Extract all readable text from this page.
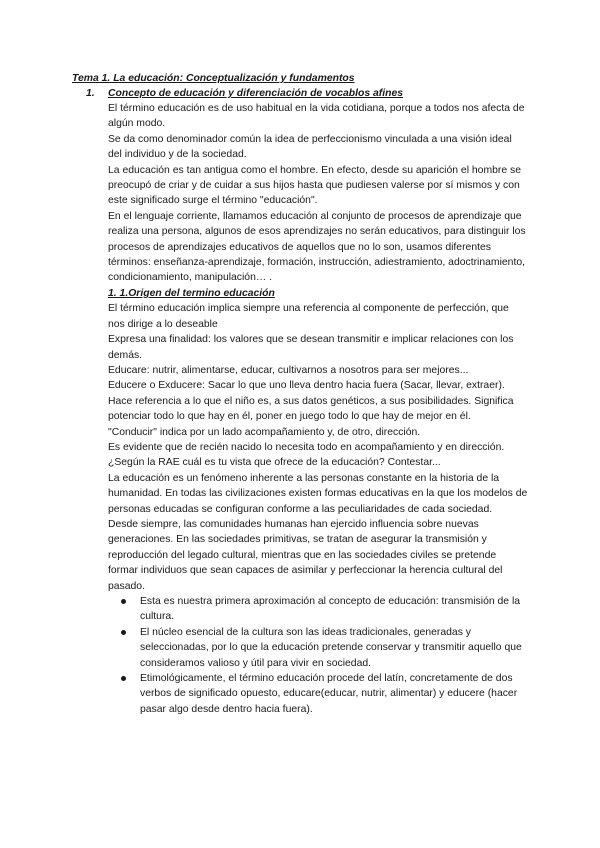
Tema 1. La educación: Conceptualización y fundamentos
1. Concepto de educación y diferenciación de vocablos afines

El término educación es de uso habitual en la vida cotidiana, porque a todos nos afecta de algún modo.

Se da como denominador común la idea de perfeccionismo vinculada a una visión ideal del individuo y de la sociedad.

La educación es tan antigua como el hombre. En efecto, desde su aparición el hombre se preocupó de criar y de cuidar a sus hijos hasta que pudiesen valerse por sí mismos y con este significado surge el término "educación".

En el lenguaje corriente, llamamos educación al conjunto de procesos de aprendizaje que realiza una persona, algunos de esos aprendizajes no serán educativos, para distinguir los procesos de aprendizajes educativos de aquellos que no lo son, usamos diferentes términos: enseñanza-aprendizaje, formación, instrucción, adiestramiento, adoctrinamiento, condicionamiento, manipulación… .

1. 1.Origen del termino educación

El término educación implica siempre una referencia al componente de perfección, que nos dirige a lo deseable

Expresa una finalidad: los valores que se desean transmitir e implicar relaciones con los demás.

Educare: nutrir, alimentarse, educar, cultivarnos a nosotros para ser mejores...

Educere o Exducere: Sacar lo que uno lleva dentro hacia fuera (Sacar, llevar, extraer).

Hace referencia a lo que el niño es, a sus datos genéticos, a sus posibilidades. Significa potenciar todo lo que hay en él, poner en juego todo lo que hay de mejor en él.

"Conducir" indica por un lado acompañamiento y, de otro, dirección.

Es evidente que de recién nacido lo necesita todo en acompañamiento y en dirección.

¿Según la RAE cuál es tu vista que ofrece de la educación? Contestar...

La educación es un fenómeno inherente a las personas constante en la historia de la humanidad. En todas las civilizaciones existen formas educativas en la que los modelos de personas educadas se configuran conforme a las peculiaridades de cada sociedad.

Desde siempre, las comunidades humanas han ejercido influencia sobre nuevas generaciones. En las sociedades primitivas, se tratan de asegurar la transmisión y reproducción del legado cultural, mientras que en las sociedades civiles se pretende formar individuos que sean capaces de asimilar y perfeccionar la herencia cultural del pasado.

Esta es nuestra primera aproximación al concepto de educación: transmisión de la cultura.
El núcleo esencial de la cultura son las ideas tradicionales, generadas y seleccionadas, por lo que la educación pretende conservar y transmitir aquello que consideramos valioso y útil para vivir en sociedad.
Etimológicamente, el término educación procede del latín, concretamente de dos verbos de significado opuesto, educare(educar, nutrir, alimentar) y educere (hacer pasar algo desde dentro hacia fuera).
